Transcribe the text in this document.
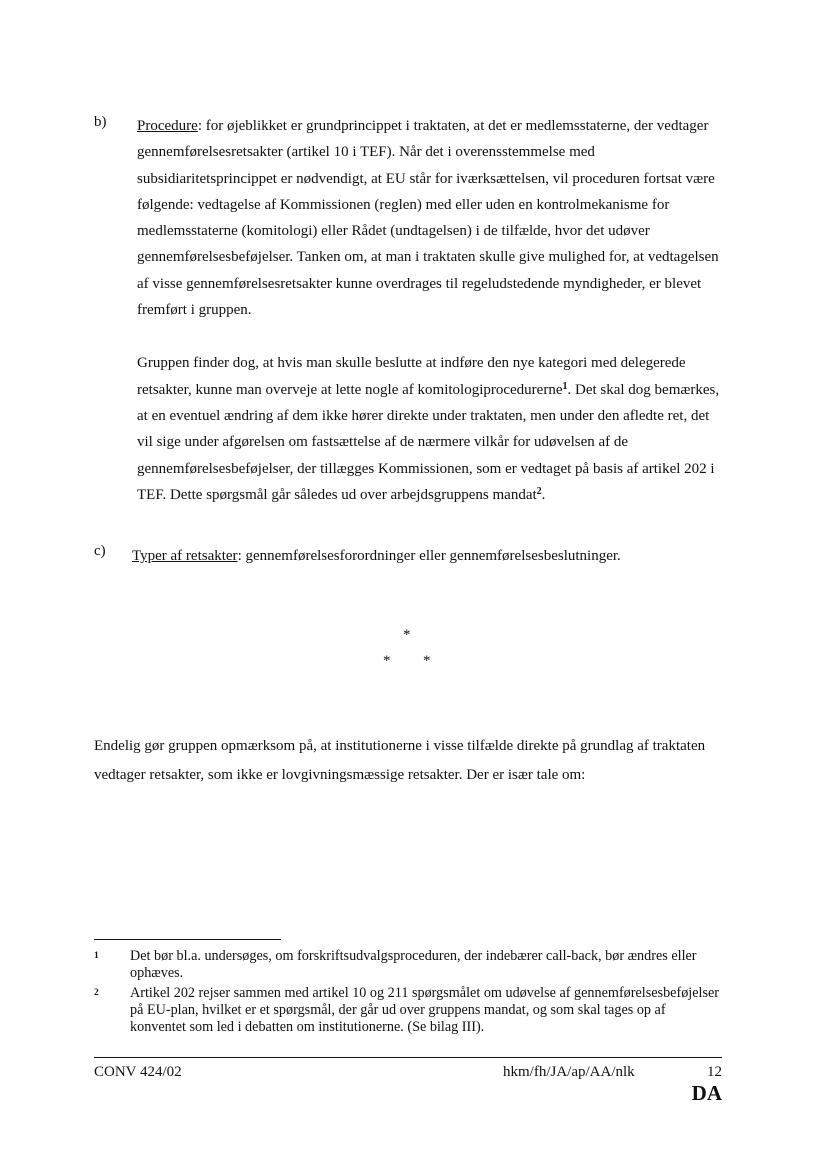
b) Procedure: for øjeblikket er grundprincippet i traktaten, at det er medlemsstaterne, der vedtager gennemførelsesretsakter (artikel 10 i TEF). Når det i overensstemmelse med subsidiaritetsprincippet er nødvendigt, at EU står for iværksættelsen, vil proceduren fortsat være følgende: vedtagelse af Kommissionen (reglen) med eller uden en kontrolmekanisme for medlemsstaterne (komitologi) eller Rådet (undtagelsen) i de tilfælde, hvor det udøver gennemførelsesbeføjelser. Tanken om, at man i traktaten skulle give mulighed for, at vedtagelsen af visse gennemførelsesretsakter kunne overdrages til regeludstedende myndigheder, er blevet fremført i gruppen.

Gruppen finder dog, at hvis man skulle beslutte at indføre den nye kategori med delegerede retsakter, kunne man overveje at lette nogle af komitologiprocedurerne$^1$. Det skal dog bemærkes, at en eventuel ændring af dem ikke hører direkte under traktaten, men under den afledte ret, det vil sige under afgørelsen om fastsættelse af de nærmere vilkår for udøvelsen af de gennemførelsesbeføjelser, der tillægges Kommissionen, som er vedtaget på basis af artikel 202 i TEF. Dette spørgsmål går således ud over arbejdsgruppens mandat$^2$.

c) Typer af retsakter: gennemførelsesforordninger eller gennemførelsesbeslutninger.
*
* *

Endelig gør gruppen opmærksom på, at institutionerne i visse tilfælde direkte på grundlag af traktaten vedtager retsakter, som ikke er lovgivningsmæssige retsakter. Der er især tale om:

1 Det bør bl.a. undersøges, om forskriftsudvalgsproceduren, der indebærer call-back, bør ændres eller ophæves.
2 Artikel 202 rejser sammen med artikel 10 og 211 spørgsmålet om udøvelse af gennemførelsesbeføjelser på EU-plan, hvilket er et spørgsmål, der går ud over gruppens mandat, og som skal tages op af konventet som led i debatten om institutionerne. (Se bilag III).
CONV 424/02	hkm/fh/JA/ap/AA/nlk	12
DA
